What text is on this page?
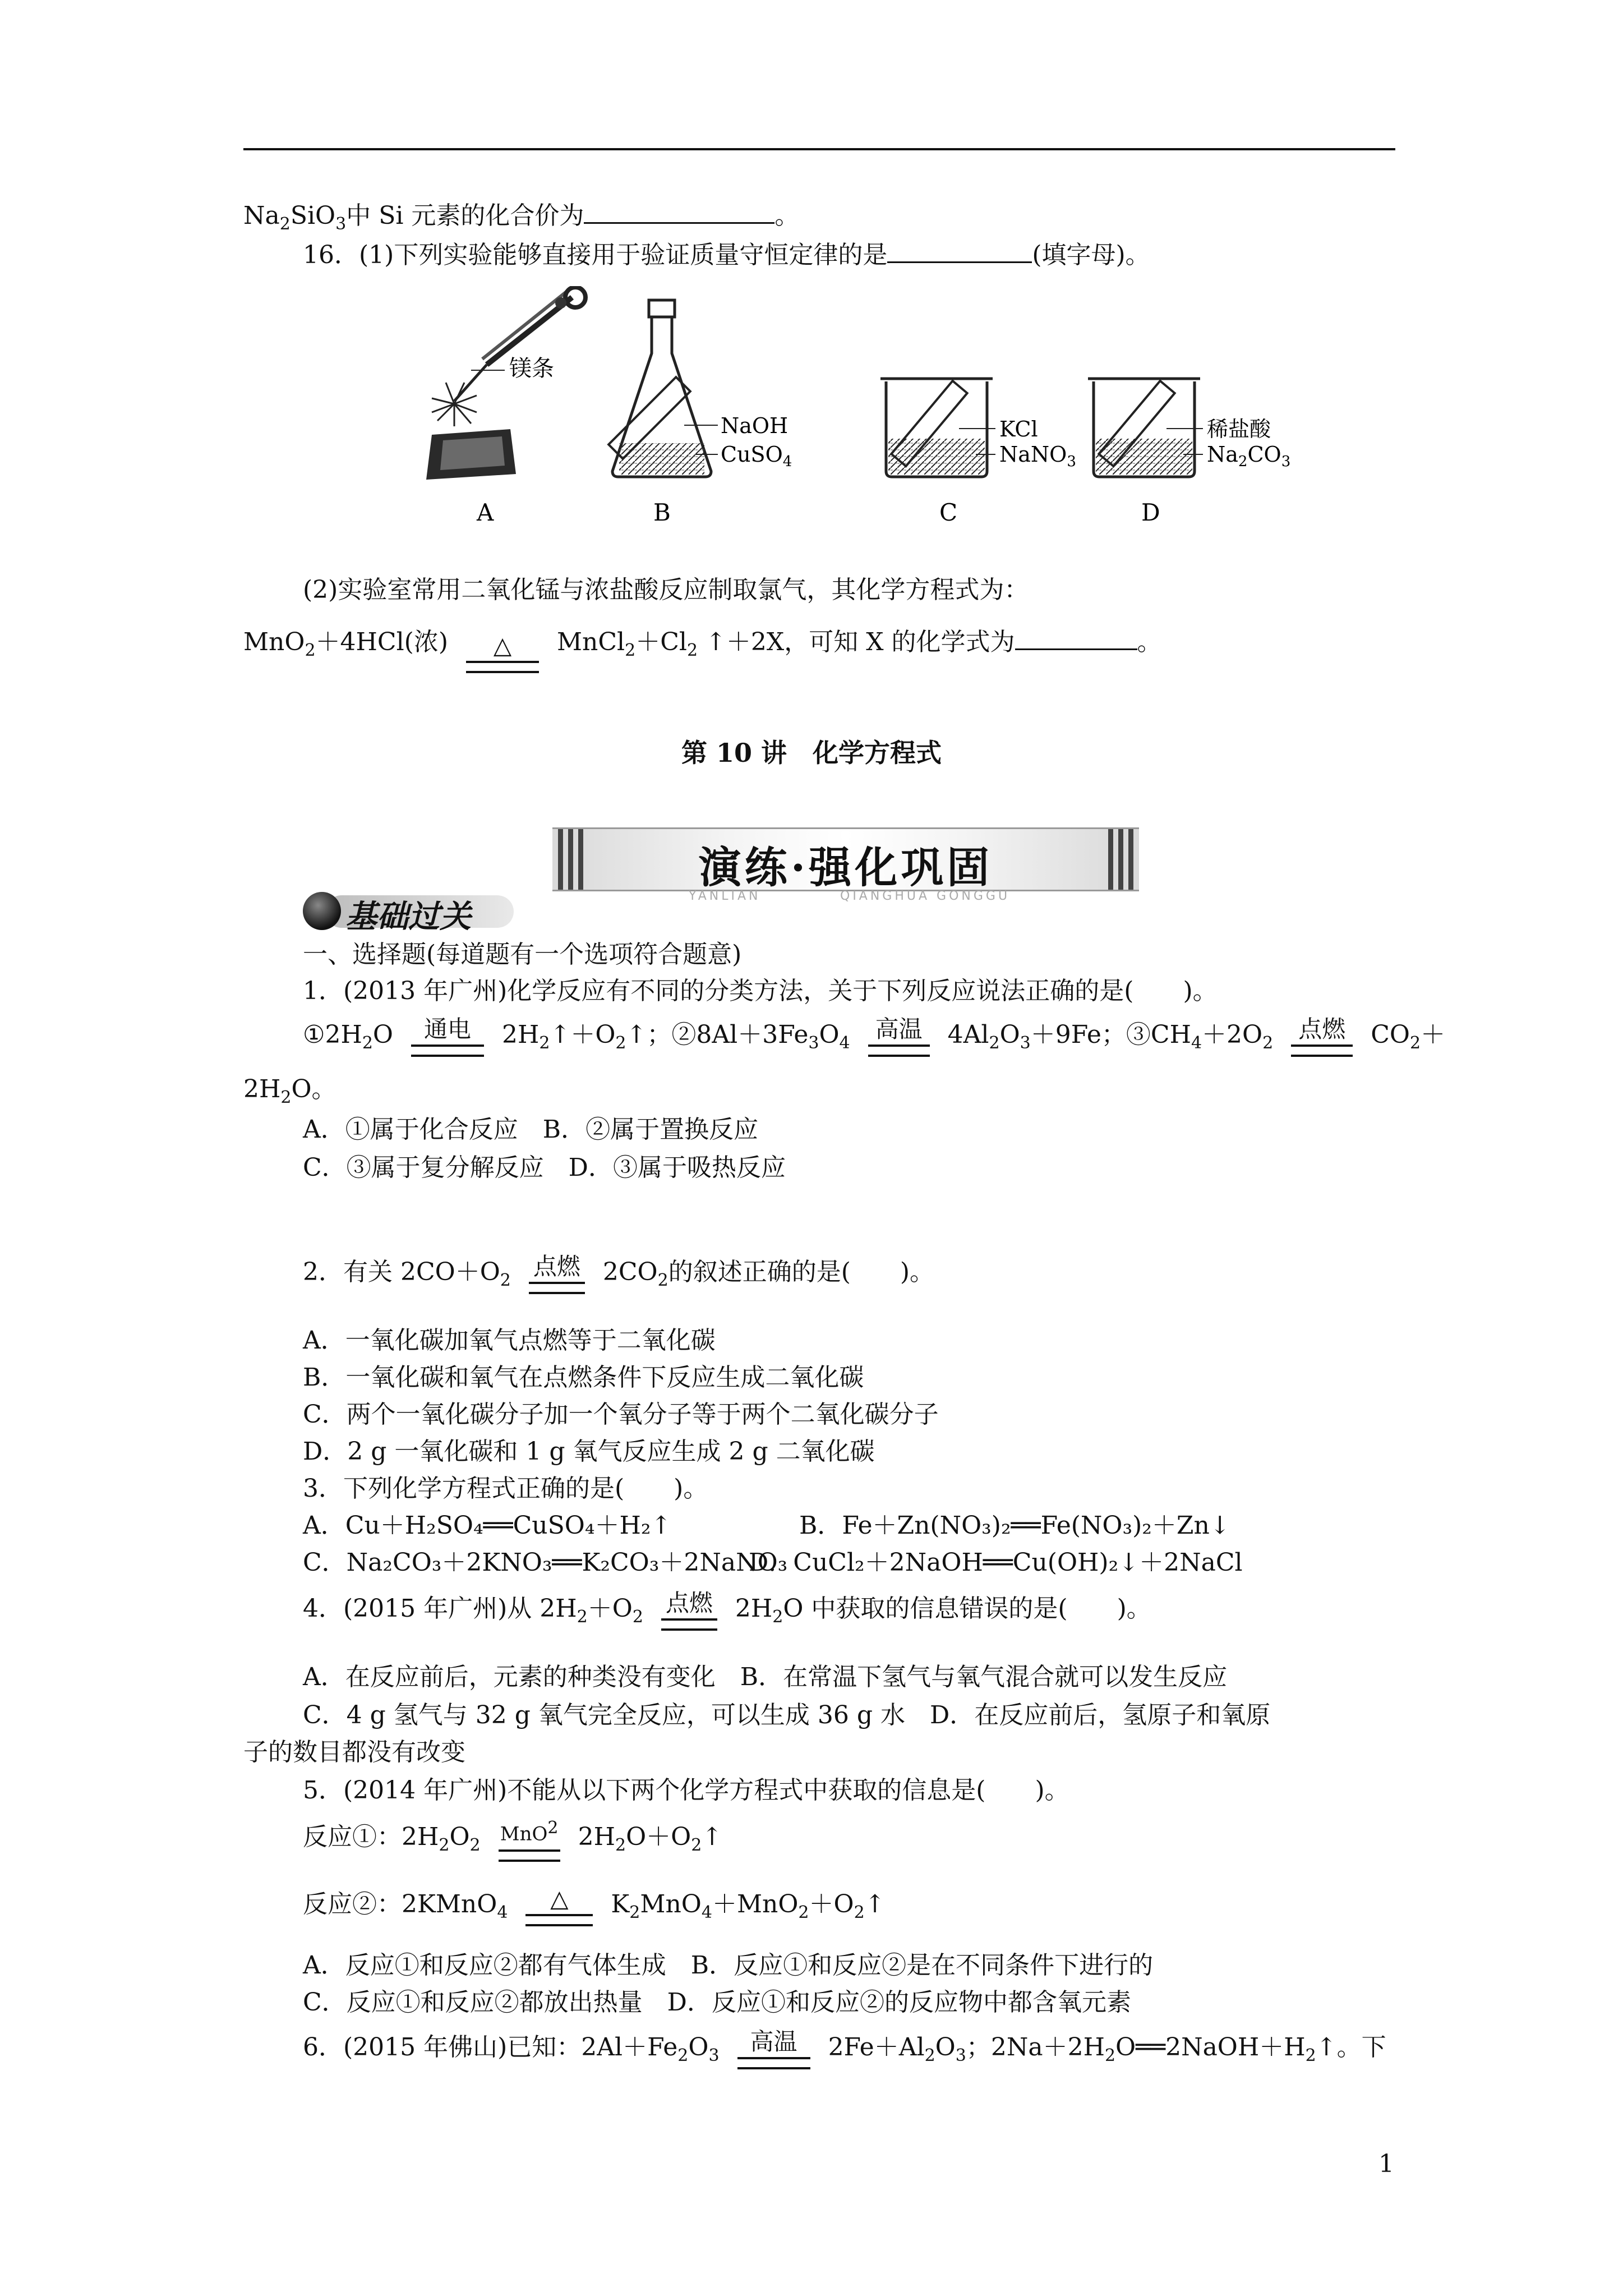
$Na_2SiO_3$中 Si 元素的化合价为	。
16．(1)下列实验能够直接用于验证质量守恒定律的是	(填字母)。
镁条
NaOH
CuSO$_4$
KCl
NaNO$_3$
稀盐酸
$Na_2CO_3$
A	B	C	D
(2)实验室常用二氧化锰与浓盐酸反应制取氯气，其化学方程式为：
MnO$_2$＋4HCl(浓)	△	$MnCl_2+Cl_2$ ↑＋2X，可知 X 的化学式为	。
第 10 讲　化学方程式
演练·强化巩固
YANLIAN	QIANGHUA GONGGU
基础过关
一、选择题(每道题有一个选项符合题意)
1．(2013 年广州)化学反应有不同的分类方法，关于下列反应说法正确的是(　　)。
$①2H_2O$	通电	$2H_2↑+O_2↑$；$②8Al+3Fe_3O_4$
高温 $4Al_2O_3+9Fe$；$③CH_4+2O_2$
点燃 $CO_2+$
$2H_2O$。
A．①属于化合反应　B．②属于置换反应
C．③属于复分解反应　D．③属于吸热反应
2．有关 $2CO+O_2$
点燃 $2CO_2$的叙述正确的是(　　)。
A．一氧化碳加氧气点燃等于二氧化碳
B．一氧化碳和氧气在点燃条件下反应生成二氧化碳
C．两个一氧化碳分子加一个氧分子等于两个二氧化碳分子
D．2 g 一氧化碳和 1 g 氧气反应生成 2 g 二氧化碳
3．下列化学方程式正确的是(　　)。
A．Cu＋H₂SO₄══CuSO₄＋H₂↑	B．Fe＋Zn(NO₃)₂══Fe(NO₃)₂＋Zn↓
C．Na₂CO₃＋2KNO₃══K₂CO₃＋2NaNO₃
D．CuCl₂＋2NaOH══Cu(OH)₂↓＋2NaCl
4．(2015 年广州)从 $2H_2+O_2$
点燃 $2H_2O$ 中获取的信息错误的是(　　)。
A．在反应前后，元素的种类没有变化　B．在常温下氢气与氧气混合就可以发生反应
C．4 g 氢气与 32 g 氧气完全反应，可以生成 36 g 水　D．在反应前后，氢原子和氧原
子的数目都没有改变
5．(2014 年广州)不能从以下两个化学方程式中获取的信息是(　　)。
反应①：$2H_2O_2$ MnO$^2$ $2H_2O+O_2↑$
反应②：2KMnO$_4$
△	$K_2MnO_4+MnO_2+O_2↑$
A．反应①和反应②都有气体生成　B．反应①和反应②是在不同条件下进行的
C．反应①和反应②都放出热量　D．反应①和反应②的反应物中都含氧元素
6．(2015 年佛山)已知：$2Al+Fe_2O_3$
高温	$2Fe+Al_2O_3$；$2Na+2H_2O══2NaOH+H_2↑$。下
1
